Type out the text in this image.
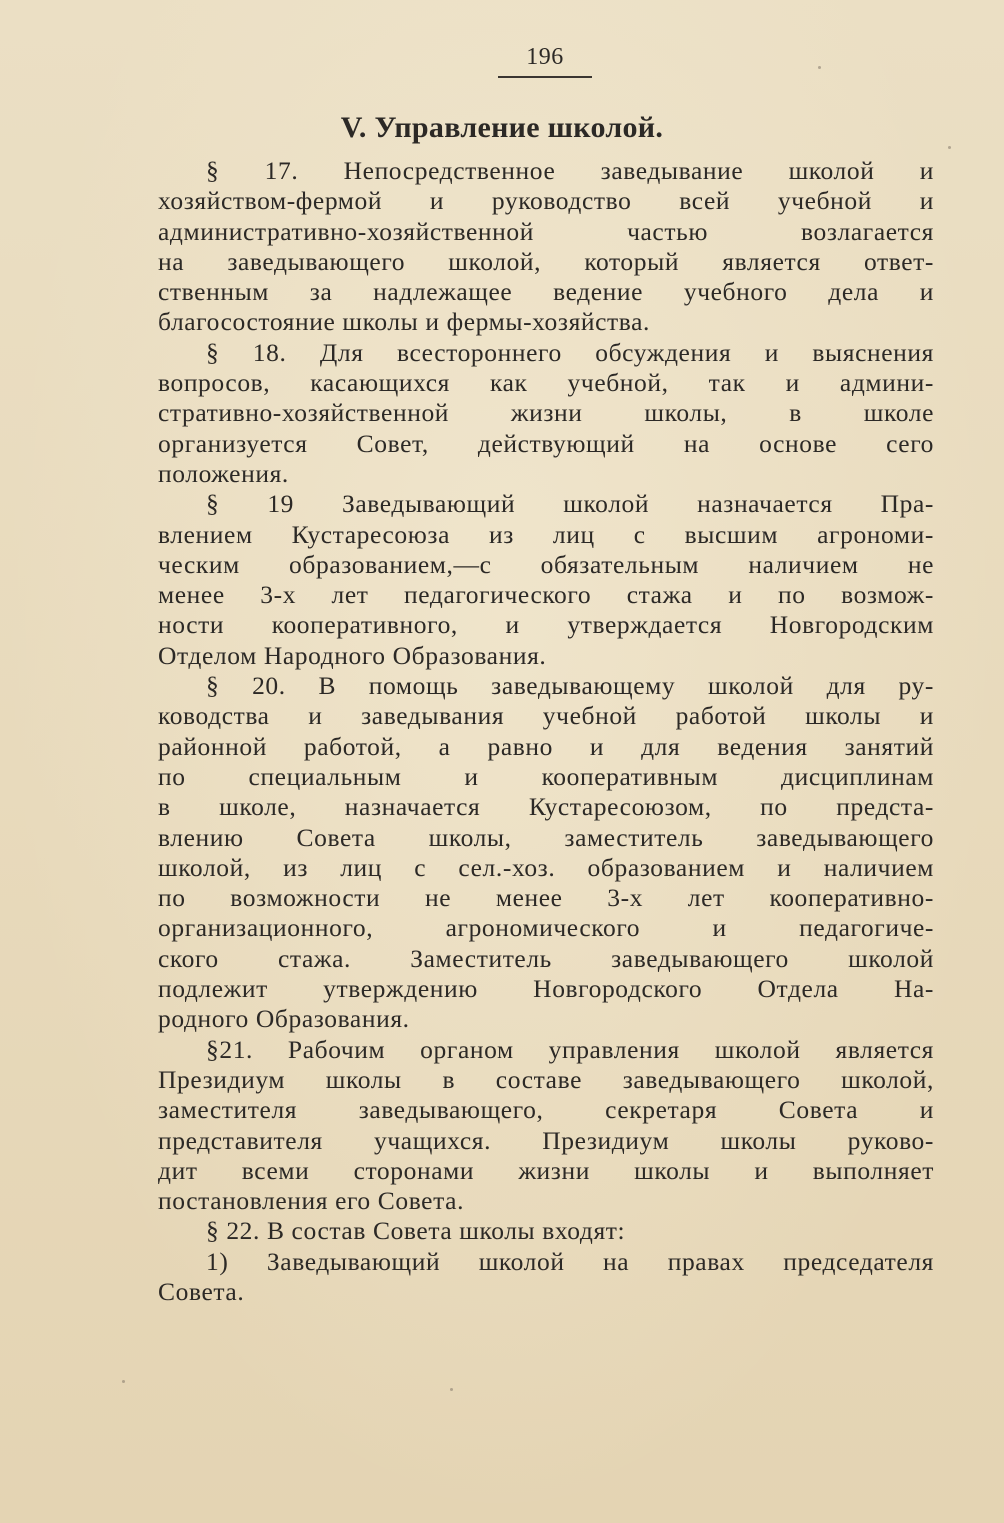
196
V. Управление школой.
§ 17. Непосредственное заведывание школой и
хозяйством-фермой и руководство всей учебной и
административно-хозяйственной частью возлагается
на заведывающего школой, который является ответ-
ственным за надлежащее ведение учебного дела и
благосостояние школы и фермы-хозяйства.
§ 18. Для всестороннего обсуждения и выяснения
вопросов, касающихся как учебной, так и админи-
стративно-хозяйственной жизни школы, в школе
организуется Совет, действующий на основе сего
положения.
§ 19 Заведывающий школой назначается Пра-
влением Кустаресоюза из лиц с высшим агрономи-
ческим образованием,—с обязательным наличием не
менее 3-х лет педагогического стажа и по возмож-
ности кооперативного, и утверждается Новгородским
Отделом Народного Образования.
§ 20. В помощь заведывающему школой для ру-
ководства и заведывания учебной работой школы и
районной работой, а равно и для ведения занятий
по специальным и кооперативным дисциплинам
в школе, назначается Кустаресоюзом, по предста-
влению Совета школы, заместитель заведывающего
школой, из лиц с сел.-хоз. образованием и наличием
по возможности не менее 3-х лет кооперативно-
организационного, агрономического и педагогиче-
ского стажа. Заместитель заведывающего школой
подлежит утверждению Новгородского Отдела На-
родного Образования.
§21. Рабочим органом управления школой является
Президиум школы в составе заведывающего школой,
заместителя заведывающего, секретаря Совета и
представителя учащихся. Президиум школы руково-
дит всеми сторонами жизни школы и выполняет
постановления его Совета.
§ 22. В состав Совета школы входят:
1) Заведывающий школой на правах председателя
Совета.
